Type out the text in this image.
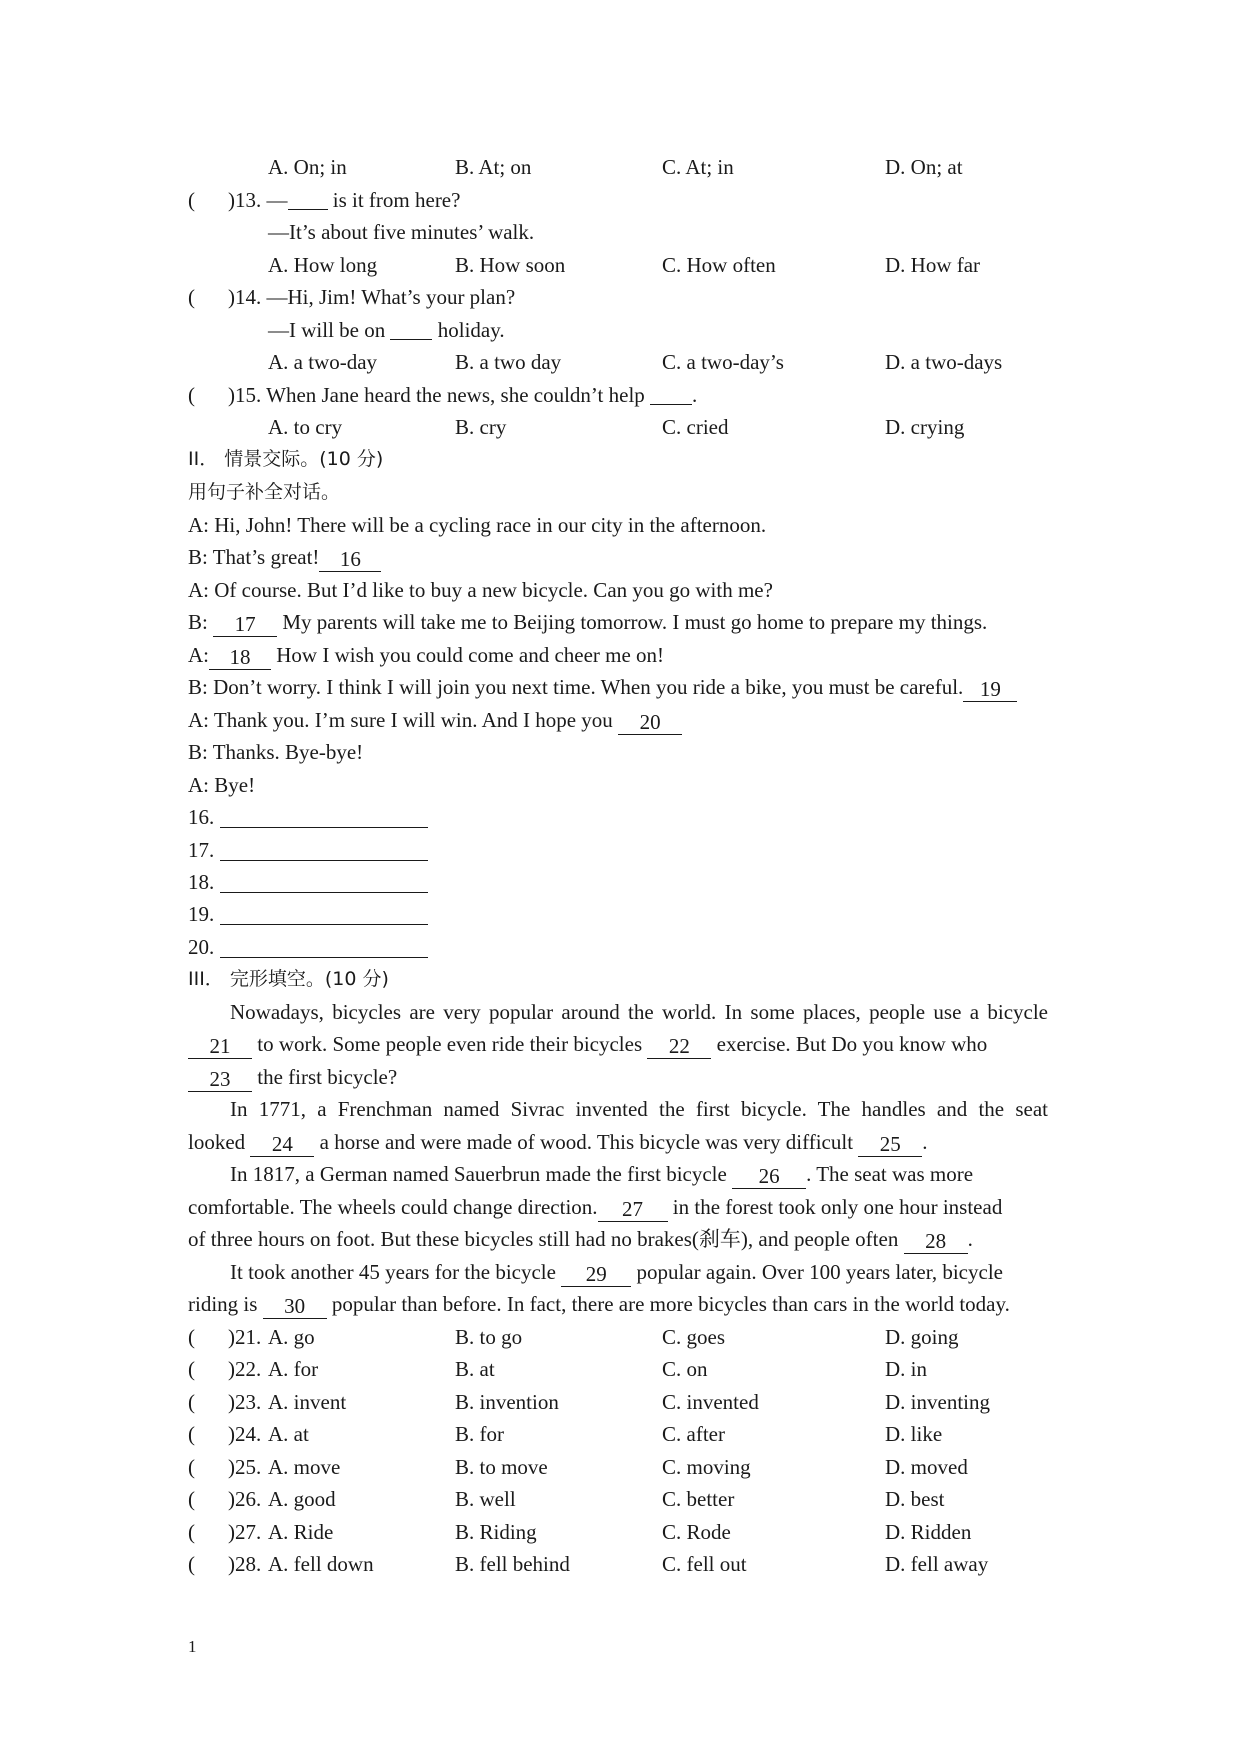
A. On; in	B. At; on	C. At; in	D. On; at
( )13. — is it from here?
—It’s about five minutes’ walk.
A. How long	B. How soon	C. How often	D. How far
( )14. —Hi, Jim! What’s your plan?
—I will be on  holiday.
A. a two-day	B. a two day	C. a two-day’s	D. a two-days
( )15. When Jane heard the news, she couldn’t help .
A. to cry	B. cry	C. cried	D. crying
II． 情景交际。(10 分)
用句子补全对话。
A: Hi, John! There will be a cycling race in our city in the afternoon.
B: That’s great! 16
A: Of course. But I’d like to buy a new bicycle. Can you go with me?
B: 17 My parents will take me to Beijing tomorrow. I must go home to prepare my things.
A: 18 How I wish you could come and cheer me on!
B: Don’t worry. I think I will join you next time. When you ride a bike, you must be careful. 19
A: Thank you. I’m sure I will win. And I hope you 20
B: Thanks. Bye-bye!
A: Bye!
16.
17.
18.
19.
20.
III． 完形填空。(10 分)
Nowadays, bicycles are very popular around the world. In some places, people use a bicycle
21 to work. Some people even ride their bicycles 22 exercise. But Do you know who
23 the first bicycle?
In 1771, a Frenchman named Sivrac invented the first bicycle. The handles and the seat
looked 24 a horse and were made of wood. This bicycle was very difficult 25 .
In 1817, a German named Sauerbrun made the first bicycle 26 . The seat was more
comfortable. The wheels could change direction. 27 in the forest took only one hour instead
of three hours on foot. But these bicycles still had no brakes(刹车), and people often 28 .
It took another 45 years for the bicycle 29 popular again. Over 100 years later, bicycle
riding is 30 popular than before. In fact, there are more bicycles than cars in the world today.
( )21. A. go	B. to go	C. goes	D. going
( )22. A. for	B. at	C. on	D. in
( )23. A. invent	B. invention	C. invented	D. inventing
( )24. A. at	B. for	C. after	D. like
( )25. A. move	B. to move	C. moving	D. moved
( )26. A. good	B. well	C. better	D. best
( )27. A. Ride	B. Riding	C. Rode	D. Ridden
( )28. A. fell down	B. fell behind	C. fell out	D. fell away
1
